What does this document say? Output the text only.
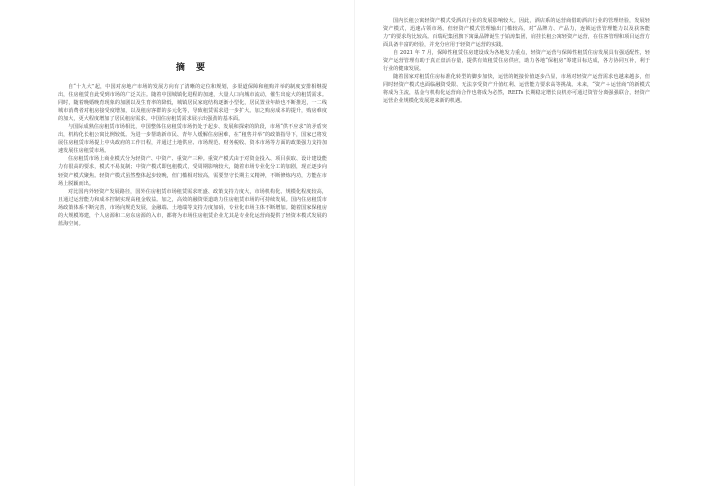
摘 要

自“十九大”起，中国对房地产市场的发展方向有了清晰的定位和规划，多渠道保障和租购并举的制度安排相继提出，住房租赁自此受到市场的广泛关注。随着中国城镇化进程的加速，大量人口向城市流动，催生出庞大的租赁需求。同时，随着晚婚晚育现象的加剧以及生育率的降低，城镇居民家庭结构逐渐小型化，居民置业年龄也不断推迟，一二线城市消费者对租房接受度增加，以及租房客群的多元化等，导致租赁需求进一步扩大。加之购房成本的提升，购房难度的加大，更大程度增加了居民租房需求。中国住房租赁需求展示出强劲的基本面。

与国际成熟住房租赁市场相比，中国整体住房租赁市场仍处于起步、发展和探索的阶段，市场“供不应求”的矛盾突出，机构化长租公寓比例较低。为进一步帮助新市民、青年人缓解住房困难，在“租售并举”的政策指导下，国家已将发展住房租赁市场提上中央政府的工作日程，并通过土地供应、市场规范、财务税收、资本市场等方面的政策强力支持加速发展住房租赁市场。

住房租赁市场上商业模式分为轻资产、中资产、重资产三种。重资产模式由于对资金投入、项目获取、设计建设能力有很高的要求，模式不易复制；中资产模式即包租模式，受周期影响较大，随着市场专业化分工的加剧，现正逐步向轻资产模式聚焦。轻资产模式虽然整体起步较晚，但门槛相对较高，需要坚守长期主义精神，不断修炼内功，方能在市场上脱颖而出。

对比国内外轻资产发展路径，国外住房租赁市场租赁需求旺盛、政策支持力度大，市场机构化、规模化程度较高，且通过运营能力和成本控制实现高租金收益。加之，高效的融资渠道助力住房租赁市场的可持续发展。国内住房租赁市场政策体系不断完善，市场向规范发展，金融端、土地端等支持力度加码，专业化市场主体不断增加。随着国家保租房的大规模筹建，个人房源和二房东房源的入市，都将为市场住房租赁企业尤其是专业化运营商提供了轻资本模式发展的蓝海空间。

国内长租公寓轻资产模式受酒店行业的发展影响较大。因此，酒店系的运营商借助酒店行业的管理经验，发展轻资产模式，迅速占领市场。但轻资产模式管理输出门槛较高，对“品牌力、产品力，连锁运营管理能力以及获客能力”的要求均比较高。百瑞纪集团旗下寓巢品牌诞生于铂涛集团，肩挂长租公寓轻资产运营，在住客管理和项目运营方面具备丰富的经验，并充分应用于轻资产运营的实践。

自 2021 年 7 月，保障性租赁住房建设成为各地发力重点，轻资产运营与保障性租赁住房发展具有强适配性，轻资产运营管理有助于真正盘活存量，提供有效租赁住房供应，助力各地“保租房”筹建目标达成，各方协同互补，利于行业的健康发展。

随着国家对租赁住房标准化转型的脚步加快，运营的链接价值逐步凸显，市场对轻资产运营需求也越来越多，但同时轻资产模式也面临融资受限、无法享受资产升值红利、运营能力要求高等挑战。未来，“资产＋运营商”的新模式将成为主流，基金与机构化运营商合作也将成为必然，REITs 长期稳定增长良机亦可通过资管分离强强联合，轻资产运营企业规模化发展迎来新的机遇。
